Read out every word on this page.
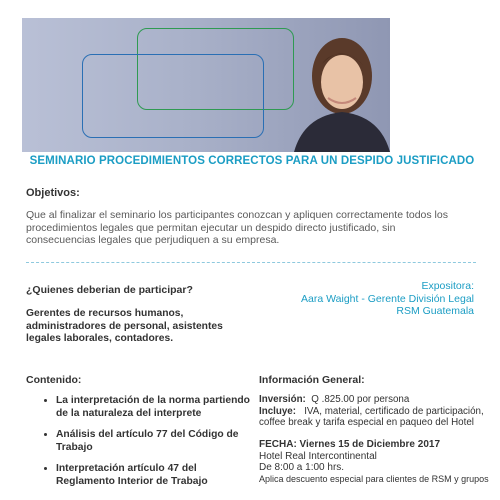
SEMINARIO PROCEDIMIENTOS CORRECTOS PARA UN DESPIDO JUSTIFICADO
Objetivos:
Que al finalizar el seminario los participantes conozcan y apliquen correctamente todos los procedimientos legales que permitan ejecutar un despido directo justificado, sin consecuencias legales que perjudiquen a su empresa.
¿Quienes deberian de participar?
Gerentes de recursos humanos, administradores de personal, asistentes legales laborales, contadores.
Expositora:
Aara Waight - Gerente División Legal
RSM Guatemala
Contenido:
• La interpretación de la norma partiendo de la naturaleza del interprete
• Análisis del artículo 77 del Código de Trabajo
• Interpretación artículo 47 del Reglamento Interior de Trabajo
Información General:
Inversión: Q .825.00 por persona
Incluye: IVA, material, certificado de participación, coffee break y tarifa especial en paqueo del Hotel
FECHA: Viernes 15 de Diciembre 2017
Hotel Real Intercontinental
De 8:00 a 1:00 hrs.
Aplica descuento especial para clientes de RSM y grupos
